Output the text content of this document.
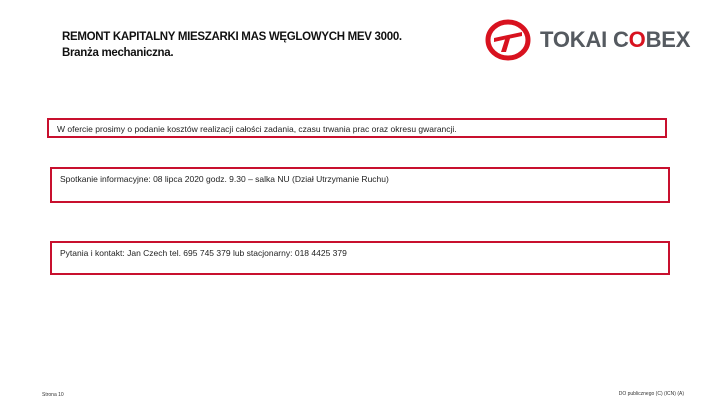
REMONT KAPITALNY MIESZARKI MAS WĘGLOWYCH MEV 3000.
Branża mechaniczna.
TOKAI COBEX
W ofercie prosimy o podanie kosztów realizacji całości zadania, czasu trwania prac oraz okresu gwarancji.
Spotkanie informacyjne: 08 lipca 2020 godz. 9.30 – salka NU (Dział Utrzymanie Ruchu)
Pytania i kontakt: Jan Czech tel. 695 745 379 lub stacjonarny: 018 4425 379
Strona 10	DO publicznego (C) (ICN) (A)
